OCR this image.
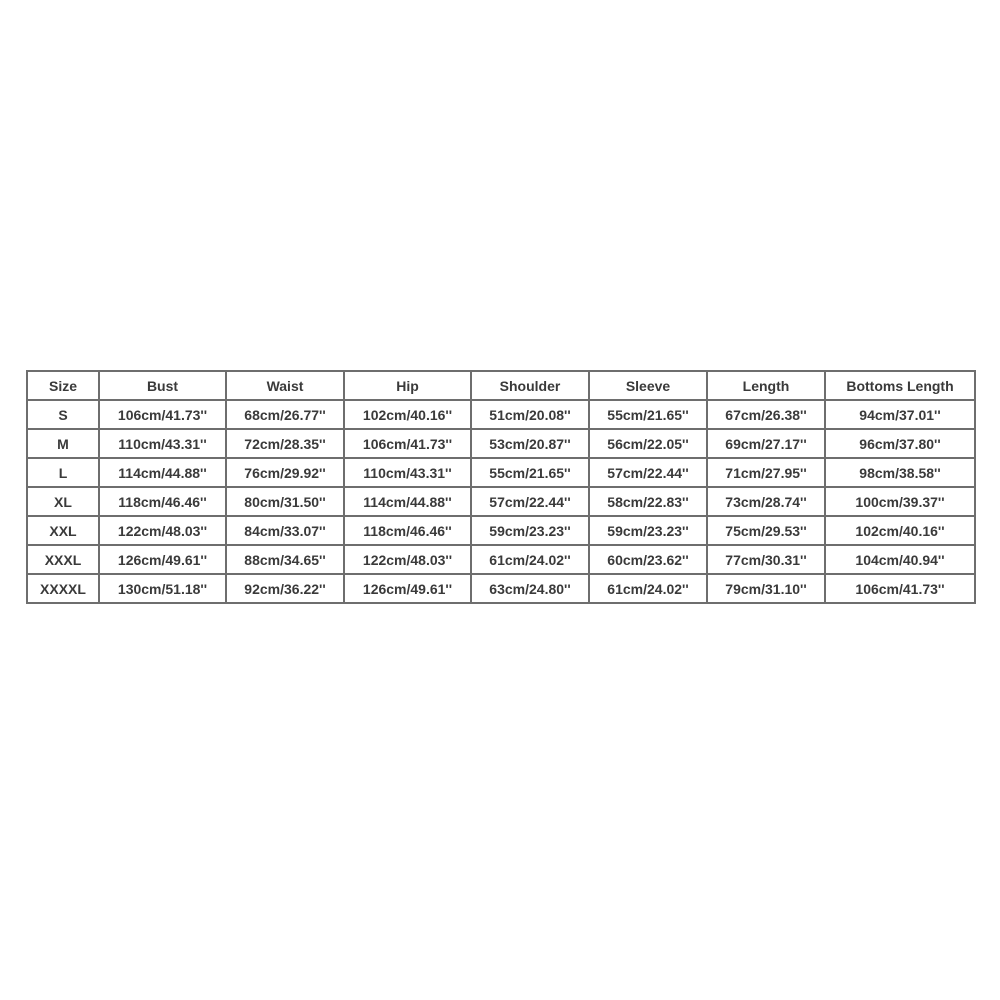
Size	Bust	Waist	Hip	Shoulder	Sleeve	Length	Bottoms Length
S	106cm/41.73''	68cm/26.77''	102cm/40.16''	51cm/20.08''	55cm/21.65''	67cm/26.38''	94cm/37.01''
M	110cm/43.31''	72cm/28.35''	106cm/41.73''	53cm/20.87''	56cm/22.05''	69cm/27.17''	96cm/37.80''
L	114cm/44.88''	76cm/29.92''	110cm/43.31''	55cm/21.65''	57cm/22.44''	71cm/27.95''	98cm/38.58''
XL	118cm/46.46''	80cm/31.50''	114cm/44.88''	57cm/22.44''	58cm/22.83''	73cm/28.74''	100cm/39.37''
XXL	122cm/48.03''	84cm/33.07''	118cm/46.46''	59cm/23.23''	59cm/23.23''	75cm/29.53''	102cm/40.16''
XXXL	126cm/49.61''	88cm/34.65''	122cm/48.03''	61cm/24.02''	60cm/23.62''	77cm/30.31''	104cm/40.94''
XXXXL	130cm/51.18''	92cm/36.22''	126cm/49.61''	63cm/24.80''	61cm/24.02''	79cm/31.10''	106cm/41.73''
